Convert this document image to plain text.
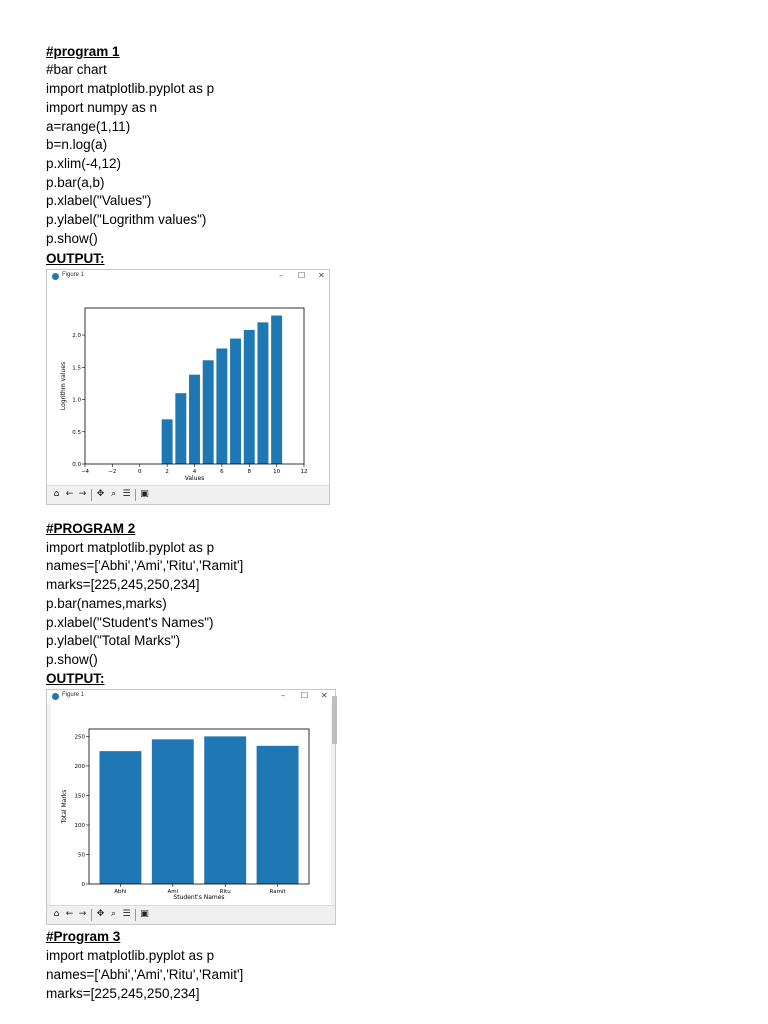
#program 1
#bar chart
import matplotlib.pyplot as p
import numpy as n
a=range(1,11)
b=n.log(a)
p.xlim(-4,12)
p.bar(a,b)
p.xlabel("Values")
p.ylabel("Logrithm values")
p.show()
OUTPUT:
Figure 1	– ☐ ✕
−4	−2	0	2	4	6	8	10	12
0.0
0.5
1.0
1.5
2.0
Values
Logrithm values
⌂ ← → ✥ ⌕ ☰ ▣
#PROGRAM 2
import matplotlib.pyplot as p
names=['Abhi','Ami','Ritu','Ramit']
marks=[225,245,250,234]
p.bar(names,marks)
p.xlabel("Student's Names")
p.ylabel("Total Marks")
p.show()
OUTPUT:
Figure 1	– ☐ ✕
Abhi	Ami	Ritu	Ramit
0
50
100
150
200
250
Student's Names
Total Marks
⌂ ← → ✥ ⌕ ☰ ▣
#Program 3
import matplotlib.pyplot as p
names=['Abhi','Ami','Ritu','Ramit']
marks=[225,245,250,234]
